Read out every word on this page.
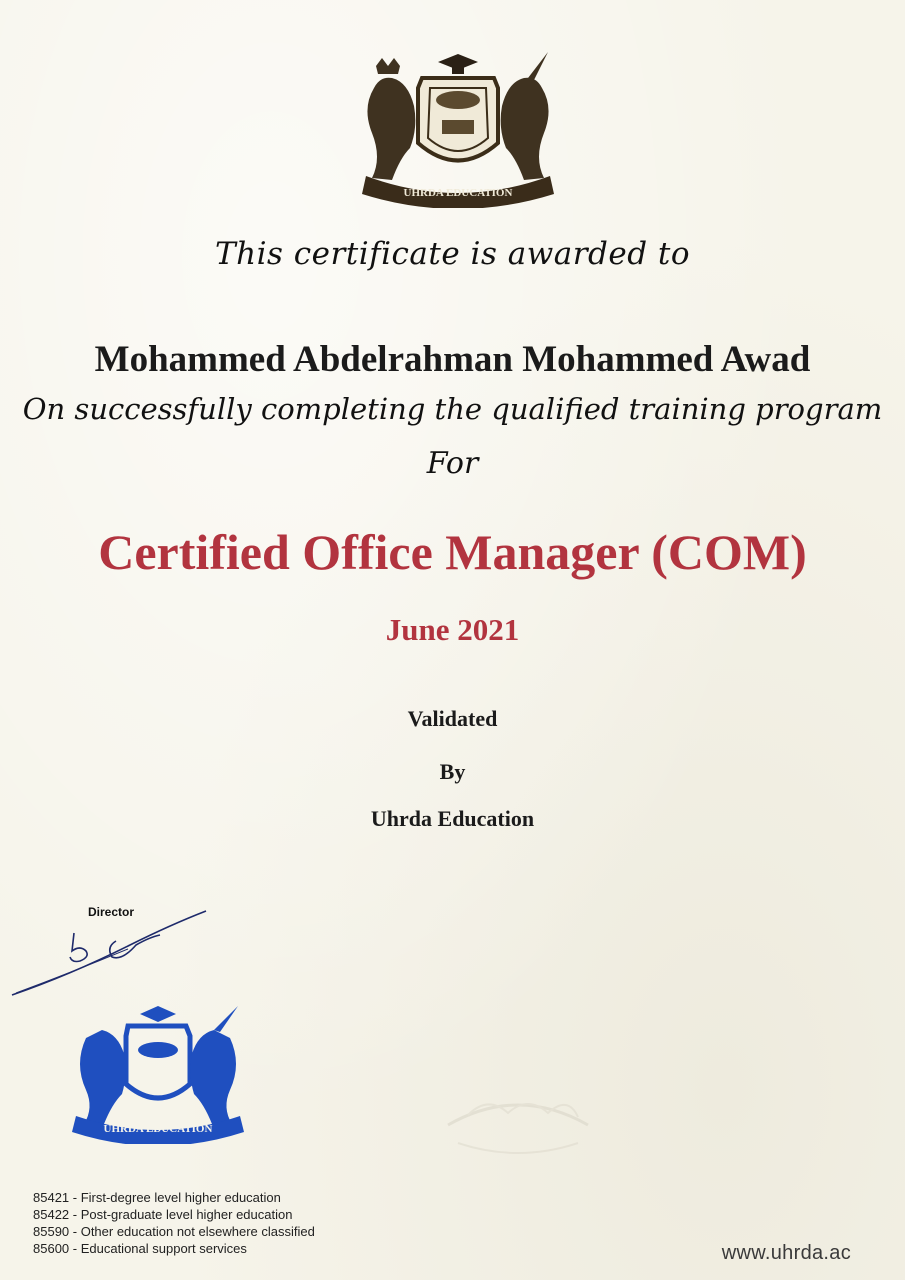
UHRDA EDUCATION
This certificate is awarded to
Mohammed Abdelrahman Mohammed Awad
On successfully completing the qualified training program
For
Certified Office Manager (COM)
June 2021
Validated
By
Uhrda Education
Director
UHRDA EDUCATION
85421 - First-degree level higher education
85422 - Post-graduate level higher education
85590 - Other education not elsewhere classified
85600 - Educational support services	www.uhrda.ac
